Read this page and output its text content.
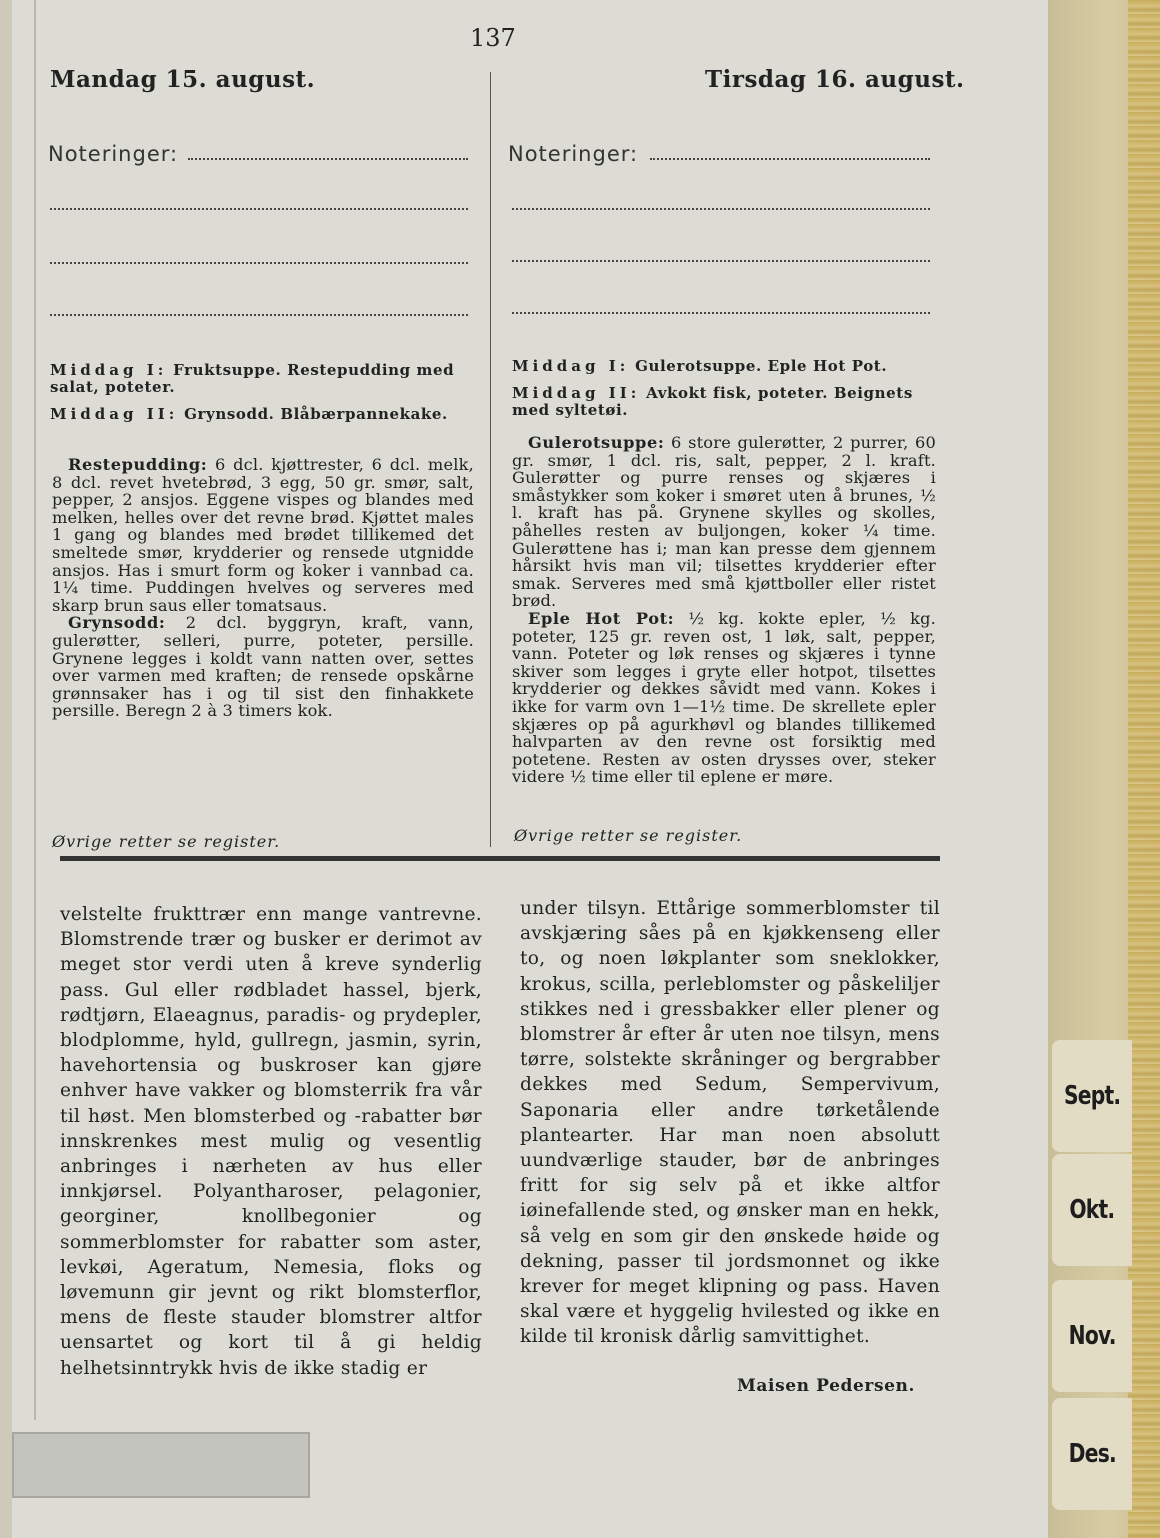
Sept.
Okt.
Nov.
Des.
137
Mandag 15. august.	Tirsdag 16. august.
Noteringer:	Noteringer:
Middag I: Fruktsuppe. Restepudding med salat, poteter.
Middag II: Grynsodd. Blåbærpannekake.
Restepudding: 6 dcl. kjøttrester, 6 dcl. melk, 8 dcl. revet hvetebrød, 3 egg, 50 gr. smør, salt, pepper, 2 ansjos. Eggene vispes og blandes med melken, helles over det revne brød. Kjøttet males 1 gang og blandes med brødet tillikemed det smeltede smør, krydderier og rensede utgnidde ansjos. Has i smurt form og koker i vannbad ca. 1¼ time. Puddingen hvelves og serveres med skarp brun saus eller tomatsaus.
Grynsodd: 2 dcl. byggryn, kraft, vann, gulerøtter, selleri, purre, poteter, persille. Grynene legges i koldt vann natten over, settes over varmen med kraften; de rensede opskårne grønnsaker has i og til sist den finhakkete persille. Beregn 2 à 3 timers kok.
Øvrige retter se register.
Middag I: Gulerotsuppe. Eple Hot Pot.
Middag II: Avkokt fisk, poteter. Beignets med syltetøi.
Gulerotsuppe: 6 store gulerøtter, 2 purrer, 60 gr. smør, 1 dcl. ris, salt, pepper, 2 l. kraft. Gulerøtter og purre renses og skjæres i småstykker som koker i smøret uten å brunes, ½ l. kraft has på. Grynene skylles og skolles, påhelles resten av buljongen, koker ¼ time. Gulerøttene has i; man kan presse dem gjennem hårsikt hvis man vil; tilsettes krydderier efter smak. Serveres med små kjøttboller eller ristet brød.
Eple Hot Pot: ½ kg. kokte epler, ½ kg. poteter, 125 gr. reven ost, 1 løk, salt, pepper, vann. Poteter og løk renses og skjæres i tynne skiver som legges i gryte eller hotpot, tilsettes krydderier og dekkes såvidt med vann. Kokes i ikke for varm ovn 1—1½ time. De skrellete epler skjæres op på agurkhøvl og blandes tillikemed halvparten av den revne ost forsiktig med potetene. Resten av osten drysses over, steker videre ½ time eller til eplene er møre.
Øvrige retter se register.
velstelte frukttrær enn mange vantrevne. Blomstrende trær og busker er derimot av meget stor verdi uten å kreve synderlig pass. Gul eller rødbladet hassel, bjerk, rødtjørn, Elaeagnus, paradis- og prydepler, blodplomme, hyld, gullregn, jasmin, syrin, havehortensia og buskroser kan gjøre enhver have vakker og blomsterrik fra vår til høst. Men blomsterbed og -rabatter bør innskrenkes mest mulig og vesentlig anbringes i nærheten av hus eller innkjørsel. Polyantharoser, pelagonier, georginer, knollbegonier og sommerblomster for rabatter som aster, levkøi, Ageratum, Nemesia, floks og løvemunn gir jevnt og rikt blomsterflor, mens de fleste stauder blomstrer altfor uensartet og kort til å gi heldig helhetsinntrykk hvis de ikke stadig er
under tilsyn. Ettårige sommerblomster til avskjæring såes på en kjøkkenseng eller to, og noen løkplanter som sneklokker, krokus, scilla, perleblomster og påskeliljer stikkes ned i gressbakker eller plener og blomstrer år efter år uten noe tilsyn, mens tørre, solstekte skråninger og bergrabber dekkes med Sedum, Sempervivum, Saponaria eller andre tørketålende plantearter. Har man noen absolutt uundværlige stauder, bør de anbringes fritt for sig selv på et ikke altfor iøinefallende sted, og ønsker man en hekk, så velg en som gir den ønskede høide og dekning, passer til jordsmonnet og ikke krever for meget klipning og pass. Haven skal være et hyggelig hvilested og ikke en kilde til kronisk dårlig samvittighet.
Maisen Pedersen.
